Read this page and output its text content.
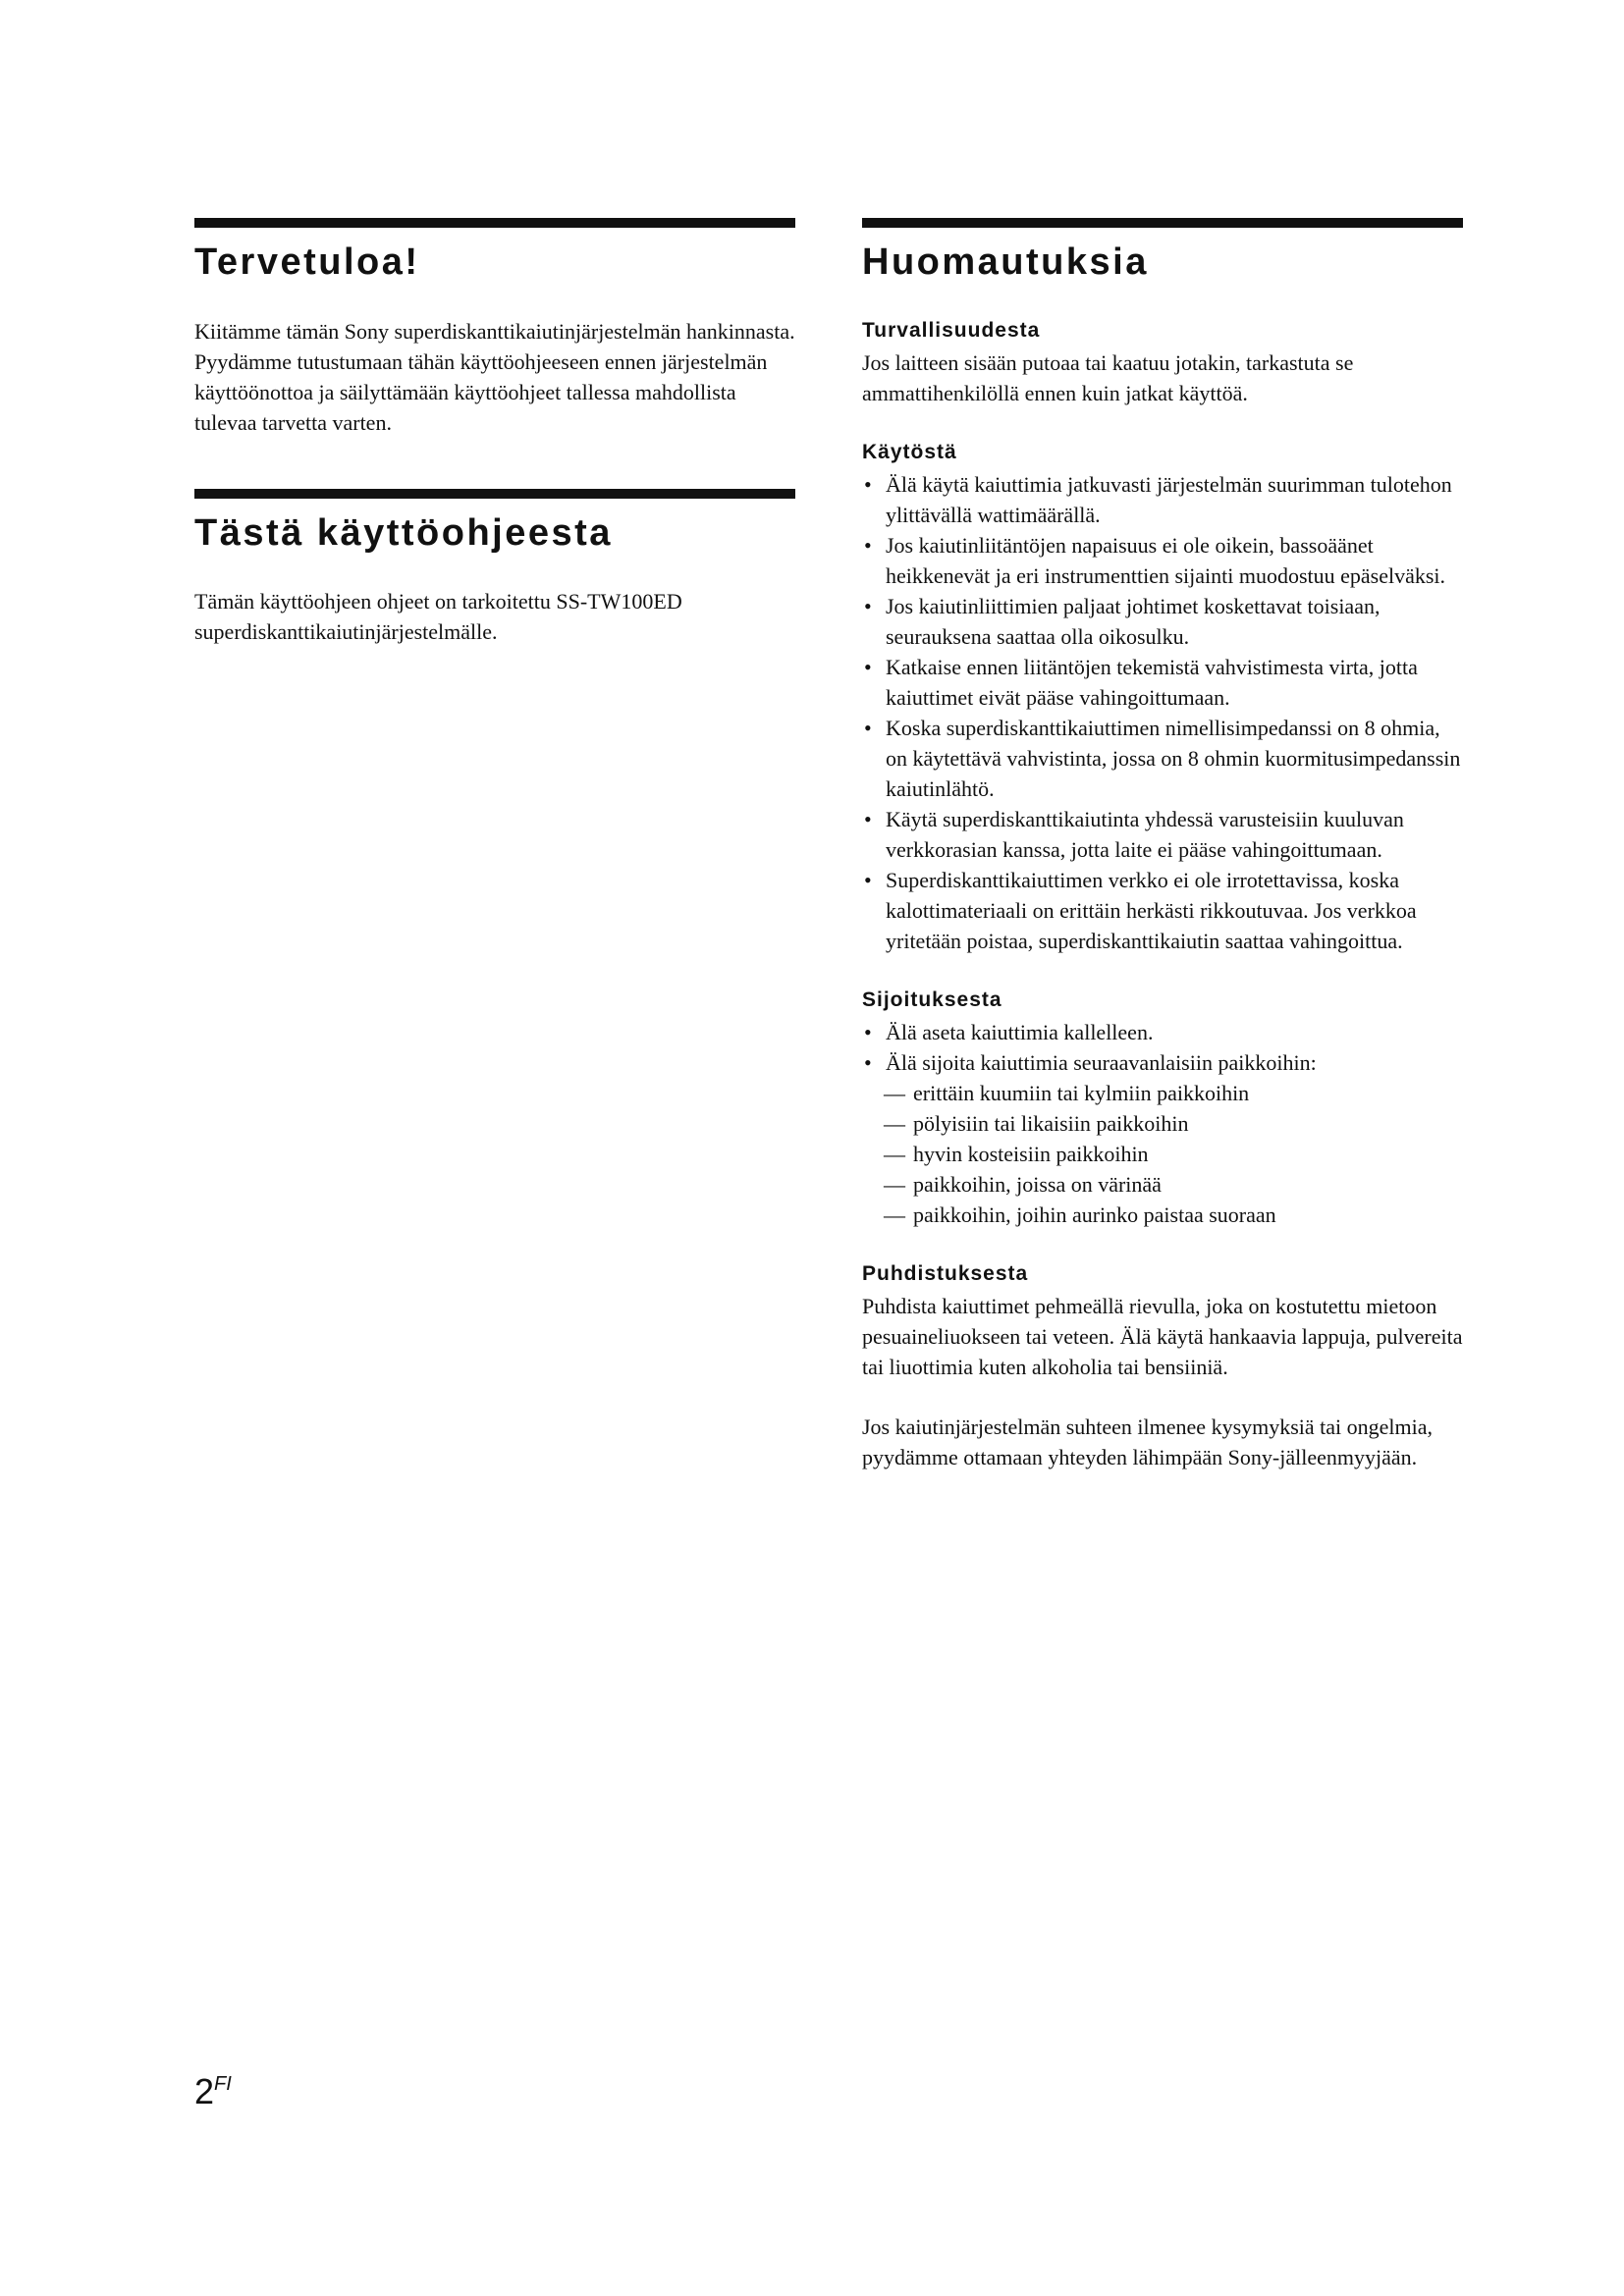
Tervetuloa!

Kiitämme tämän Sony superdiskanttikaiutinjärjestelmän hankinnasta. Pyydämme tutustumaan tähän käyttöohjeeseen ennen järjestelmän käyttöönottoa ja säilyttämään käyttöohjeet tallessa mahdollista tulevaa tarvetta varten.

Tästä käyttöohjeesta

Tämän käyttöohjeen ohjeet on tarkoitettu SS-TW100ED superdiskanttikaiutinjärjestelmälle.

Huomautuksia
Turvallisuudesta

Jos laitteen sisään putoaa tai kaatuu jotakin, tarkastuta se ammattihenkilöllä ennen kuin jatkat käyttöä.

Käytöstä
• Älä käytä kaiuttimia jatkuvasti järjestelmän suurimman tulotehon ylittävällä wattimäärällä.
• Jos kaiutinliitäntöjen napaisuus ei ole oikein, bassoäänet heikkenevät ja eri instrumenttien sijainti muodostuu epäselväksi.
• Jos kaiutinliittimien paljaat johtimet koskettavat toisiaan, seurauksena saattaa olla oikosulku.
• Katkaise ennen liitäntöjen tekemistä vahvistimesta virta, jotta kaiuttimet eivät pääse vahingoittumaan.
• Koska superdiskanttikaiuttimen nimellisimpedanssi on 8 ohmia, on käytettävä vahvistinta, jossa on 8 ohmin kuormitusimpedanssin kaiutinlähtö.
• Käytä superdiskanttikaiutinta yhdessä varusteisiin kuuluvan verkkorasian kanssa, jotta laite ei pääse vahingoittumaan.
• Superdiskanttikaiuttimen verkko ei ole irrotettavissa, koska kalottimateriaali on erittäin herkästi rikkoutuvaa. Jos verkkoa yritetään poistaa, superdiskanttikaiutin saattaa vahingoittua.
Sijoituksesta
• Älä aseta kaiuttimia kallelleen.
• Älä sijoita kaiuttimia seuraavanlaisiin paikkoihin:
— erittäin kuumiin tai kylmiin paikkoihin
— pölyisiin tai likaisiin paikkoihin
— hyvin kosteisiin paikkoihin
— paikkoihin, joissa on värinää
— paikkoihin, joihin aurinko paistaa suoraan
Puhdistuksesta

Puhdista kaiuttimet pehmeällä rievulla, joka on kostutettu mietoon pesuaineliuokseen tai veteen. Älä käytä hankaavia lappuja, pulvereita tai liuottimia kuten alkoholia tai bensiiniä.

Jos kaiutinjärjestelmän suhteen ilmenee kysymyksiä tai ongelmia, pyydämme ottamaan yhteyden lähimpään Sony-jälleenmyyjään.

$2^{FI}$
